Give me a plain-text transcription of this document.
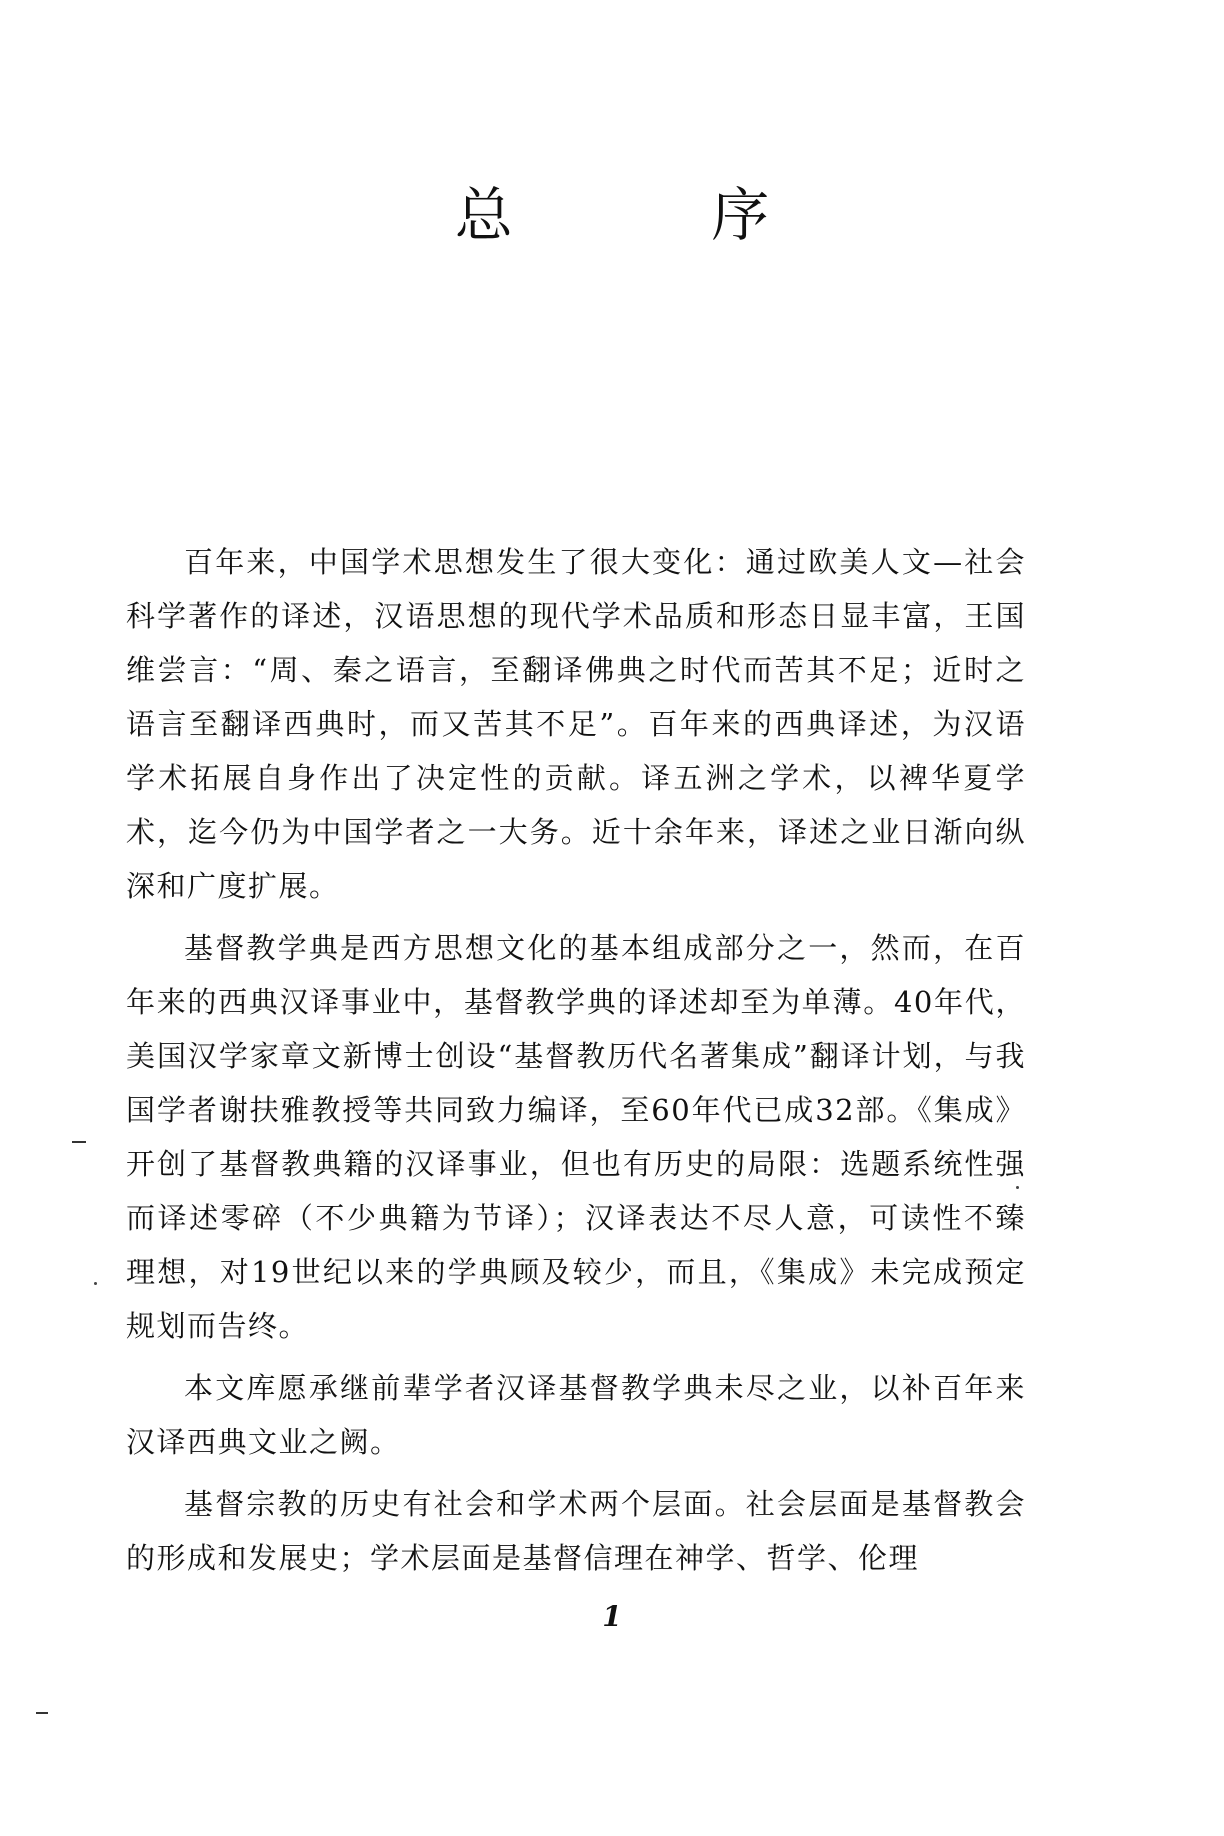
总 序

百年来，中国学术思想发生了很大变化：通过欧美人文—社会科学著作的译述，汉语思想的现代学术品质和形态日显丰富，王国维尝言：“周、秦之语言，至翻译佛典之时代而苦其不足；近时之语言至翻译西典时，而又苦其不足”。百年来的西典译述，为汉语学术拓展自身作出了决定性的贡献。译五洲之学术，以裨华夏学术，迄今仍为中国学者之一大务。近十余年来，译述之业日渐向纵深和广度扩展。

基督教学典是西方思想文化的基本组成部分之一，然而，在百年来的西典汉译事业中，基督教学典的译述却至为单薄。40年代，美国汉学家章文新博士创设“基督教历代名著集成”翻译计划，与我国学者谢扶雅教授等共同致力编译，至60年代已成32部。《集成》开创了基督教典籍的汉译事业，但也有历史的局限：选题系统性强而译述零碎（不少典籍为节译）；汉译表达不尽人意，可读性不臻理想，对19世纪以来的学典顾及较少，而且，《集成》未完成预定规划而告终。

本文库愿承继前辈学者汉译基督教学典未尽之业，以补百年来汉译西典文业之阙。

基督宗教的历史有社会和学术两个层面。社会层面是基督教会的形成和发展史；学术层面是基督信理在神学、哲学、伦理

1
